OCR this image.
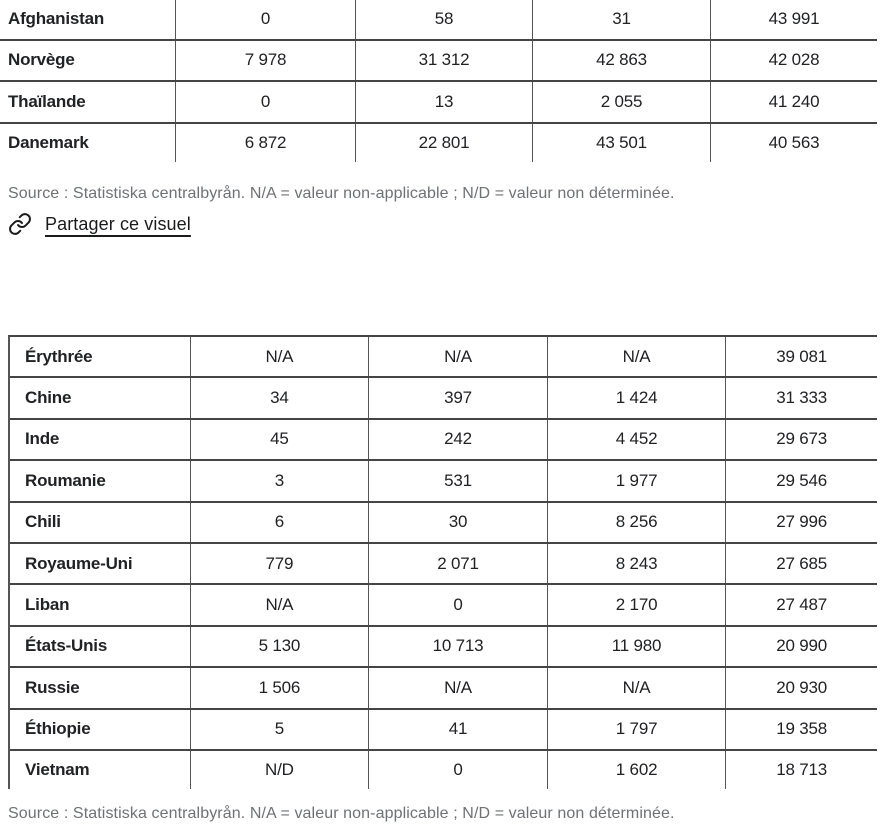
Afghanistan	0	58	31	43 991
Norvège	7 978	31 312	42 863	42 028
Thaïlande	0	13	2 055	41 240
Danemark	6 872	22 801	43 501	40 563
Source : Statistiska centralbyrån. N/A = valeur non-applicable ; N/D = valeur non déterminée.
Partager ce visuel
Érythrée	N/A	N/A	N/A	39 081
Chine	34	397	1 424	31 333
Inde	45	242	4 452	29 673
Roumanie	3	531	1 977	29 546
Chili	6	30	8 256	27 996
Royaume-Uni	779	2 071	8 243	27 685
Liban	N/A	0	2 170	27 487
États-Unis	5 130	10 713	11 980	20 990
Russie	1 506	N/A	N/A	20 930
Éthiopie	5	41	1 797	19 358
Vietnam	N/D	0	1 602	18 713
Source : Statistiska centralbyrån. N/A = valeur non-applicable ; N/D = valeur non déterminée.
